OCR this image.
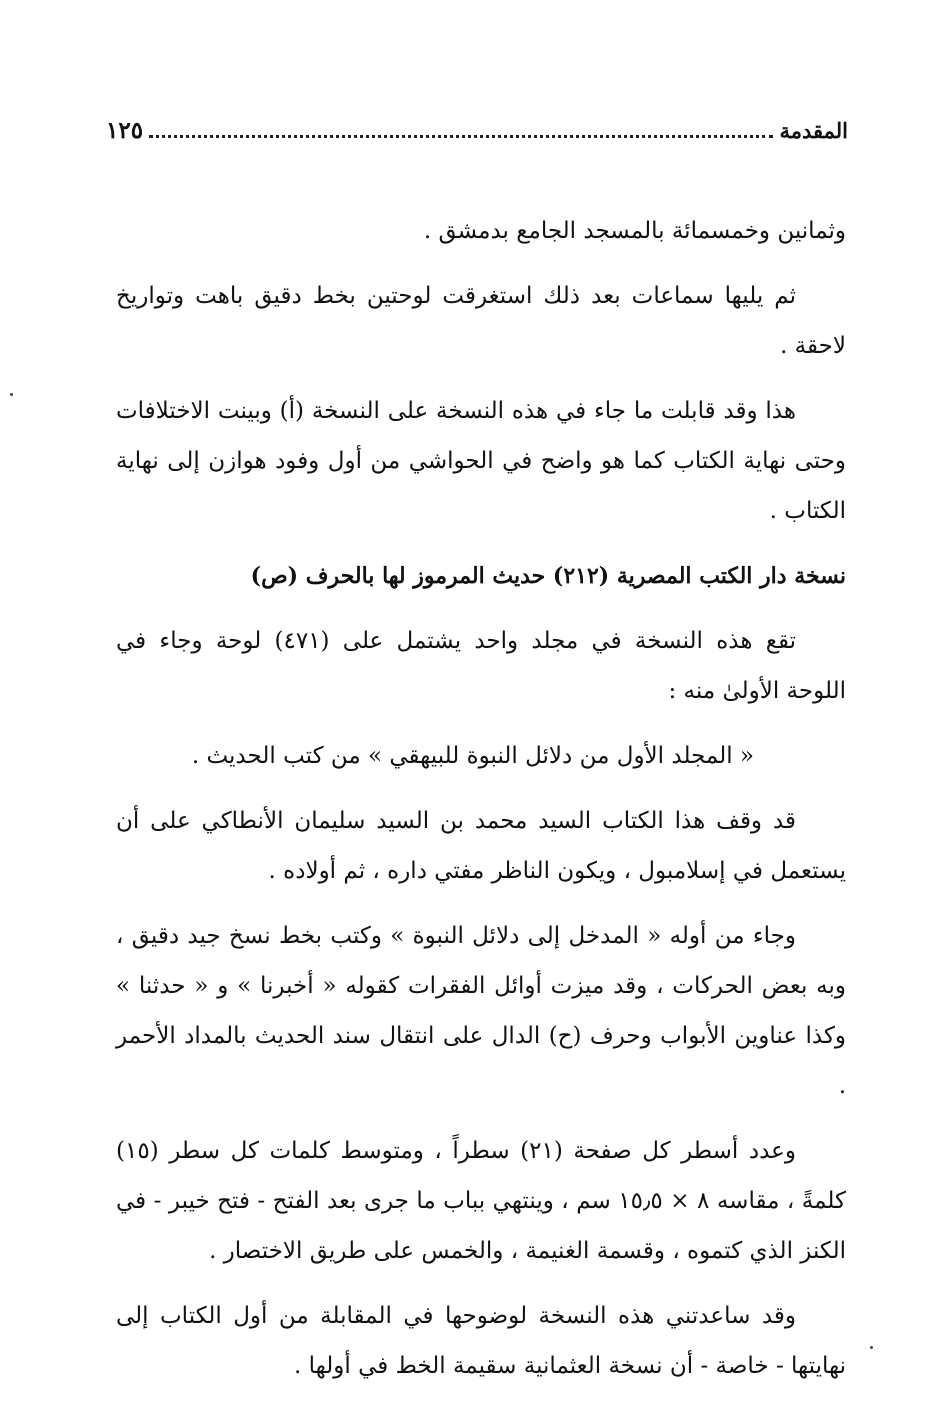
المقدمة
١٢٥

وثمانين وخمسمائة بالمسجد الجامع بدمشق .

ثم يليها سماعات بعد ذلك استغرقت لوحتين بخط دقيق باهت وتواريخ لاحقة .

هذا وقد قابلت ما جاء في هذه النسخة على النسخة (أ) وبينت الاختلافات وحتى نهاية الكتاب كما هو واضح في الحواشي من أول وفود هوازن إلى نهاية الكتاب .

نسخة دار الكتب المصرية (٢١٢) حديث المرموز لها بالحرف (ص)

تقع هذه النسخة في مجلد واحد يشتمل على (٤٧١) لوحة وجاء في اللوحة الأولىٰ منه :

« المجلد الأول من دلائل النبوة للبيهقي » من كتب الحديث .

قد وقف هذا الكتاب السيد محمد بن السيد سليمان الأنطاكي على أن يستعمل في إسلامبول ، ويكون الناظر مفتي داره ، ثم أولاده .

وجاء من أوله « المدخل إلى دلائل النبوة » وكتب بخط نسخ جيد دقيق ، وبه بعض الحركات ، وقد ميزت أوائل الفقرات كقوله « أخبرنا » و « حدثنا » وكذا عناوين الأبواب وحرف (ح) الدال على انتقال سند الحديث بالمداد الأحمر .

وعدد أسطر كل صفحة (٢١) سطراً ، ومتوسط كلمات كل سطر (١٥) كلمةً ، مقاسه ٨ × ١٥٫٥ سم ، وينتهي بباب ما جرى بعد الفتح - فتح خيبر - في الكنز الذي كتموه ، وقسمة الغنيمة ، والخمس على طريق الاختصار .

وقد ساعدتني هذه النسخة لوضوحها في المقابلة من أول الكتاب إلى نهايتها - خاصة - أن نسخة العثمانية سقيمة الخط في أولها .
